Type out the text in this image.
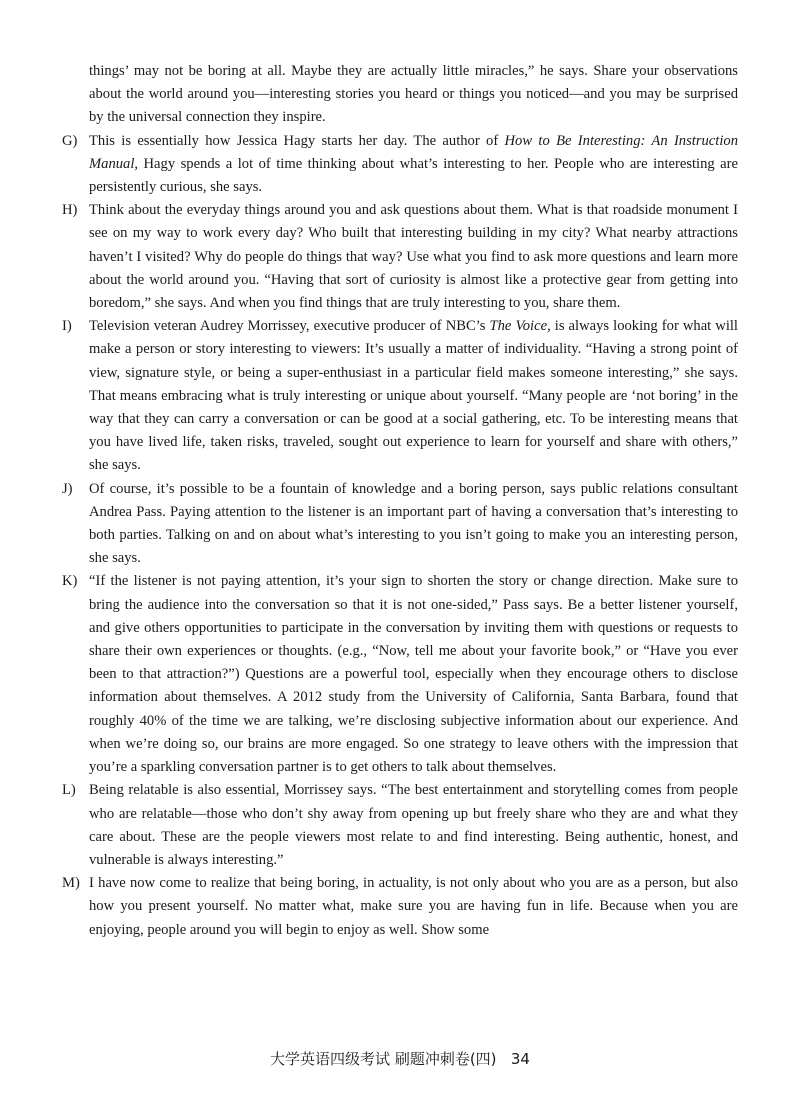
things’ may not be boring at all. Maybe they are actually little miracles,” he says. Share your observations about the world around you—interesting stories you heard or things you noticed—and you may be surprised by the universal connection they inspire.

G) This is essentially how Jessica Hagy starts her day. The author of How to Be Interesting: An Instruction Manual, Hagy spends a lot of time thinking about what’s interesting to her. People who are interesting are persistently curious, she says.

H) Think about the everyday things around you and ask questions about them. What is that roadside monument I see on my way to work every day? Who built that interesting building in my city? What nearby attractions haven’t I visited? Why do people do things that way? Use what you find to ask more questions and learn more about the world around you. “Having that sort of curiosity is almost like a protective gear from getting into boredom,” she says. And when you find things that are truly interesting to you, share them.

I) Television veteran Audrey Morrissey, executive producer of NBC’s The Voice, is always looking for what will make a person or story interesting to viewers: It’s usually a matter of individuality. “Having a strong point of view, signature style, or being a super-enthusiast in a particular field makes someone interesting,” she says. That means embracing what is truly interesting or unique about yourself. “Many people are ‘not boring’ in the way that they can carry a conversation or can be good at a social gathering, etc. To be interesting means that you have lived life, taken risks, traveled, sought out experience to learn for yourself and share with others,” she says.

J) Of course, it’s possible to be a fountain of knowledge and a boring person, says public relations consultant Andrea Pass. Paying attention to the listener is an important part of having a conversation that’s interesting to both parties. Talking on and on about what’s interesting to you isn’t going to make you an interesting person, she says.

K) “If the listener is not paying attention, it’s your sign to shorten the story or change direction. Make sure to bring the audience into the conversation so that it is not one-sided,” Pass says. Be a better listener yourself, and give others opportunities to participate in the conversation by inviting them with questions or requests to share their own experiences or thoughts. (e.g., “Now, tell me about your favorite book,” or “Have you ever been to that attraction?”) Questions are a powerful tool, especially when they encourage others to disclose information about themselves. A 2012 study from the University of California, Santa Barbara, found that roughly 40% of the time we are talking, we’re disclosing subjective information about our experience. And when we’re doing so, our brains are more engaged. So one strategy to leave others with the impression that you’re a sparkling conversation partner is to get others to talk about themselves.

L) Being relatable is also essential, Morrissey says. “The best entertainment and storytelling comes from people who are relatable—those who don’t shy away from opening up but freely share who they are and what they care about. These are the people viewers most relate to and find interesting. Being authentic, honest, and vulnerable is always interesting.”

M) I have now come to realize that being boring, in actuality, is not only about who you are as a person, but also how you present yourself. No matter what, make sure you are having fun in life. Because when you are enjoying, people around you will begin to enjoy as well. Show some

大学英语四级考试 刷题冲刺卷(四) 34
